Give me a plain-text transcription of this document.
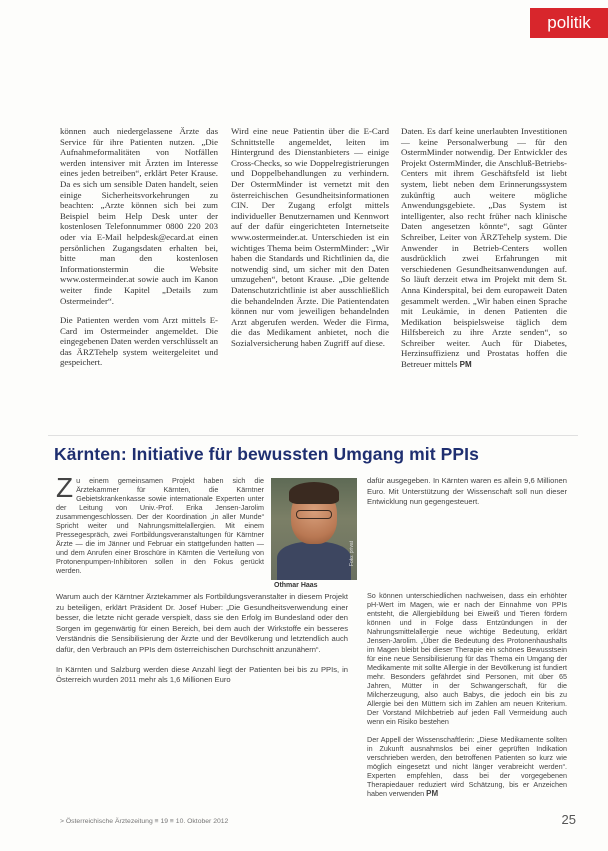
politik

können auch niedergelassene Ärzte das Service für ihre Patienten nutzen. „Die Aufnahmeformalitäten von Notfällen werden intensiver mit Ärzten im Interesse eines jeden betreiben“, erklärt Peter Krause. Da es sich um sensible Daten handelt, seien einige Sicherheitsvorkehrungen zu beachten: „Arzte können sich bei zum Beispiel beim Help Desk unter der kostenlosen Telefonnummer 0800 220 203 oder via E-Mail helpdesk@ecard.at einen persönlichen Zugangsdaten erhalten bei, bitte man den kostenlosen Informationstermin die Website www.ostermeinder.at sowie auch im Kanon weiter finde Kapitel „Details zum Ostermeinder“.

Die Patienten werden vom Arzt mittels E-Card im Ostermeinder angemeldet. Die eingegebenen Daten werden verschlüsselt an das ÄRZTehelp system weitergeleitet und gespeichert.

Wird eine neue Patientin über die E-Card Schnittstelle angemeldet, leiten im Hintergrund des Dienstanbieters — einige Cross-Checks, so wie Doppelregistrierungen und Doppelbehandlungen zu verhindern. Der OstermMinder ist vernetzt mit den österreichischen Gesundheitsinformationen CIN. Der Zugang erfolgt mittels individueller Benutzernamen und Kennwort auf der dafür eingerichteten Internetseite www.ostermeinder.at. Unterschieden ist ein wichtiges Thema beim OstermMinder: „Wir haben die Standards und Richtlinien da, die notwendig sind, um sicher mit den Daten umzugehen“, betont Krause. „Die geltende Datenschutzrichtlinie ist aber ausschließlich die behandelnden Ärzte. Die Patientendaten können nur vom jeweiligen behandelnden Arzt abgerufen werden. Weder die Firma, die das Medikament anbietet, noch die Sozialversicherung haben Zugriff auf diese.

Daten. Es darf keine unerlaubten Investitionen — keine Personalwerbung — für den OstermMinder notwendig. Der Entwickler des Projekt OstermMinder, die Anschluß-Betriebs-Centers mit ihrem Geschäftsfeld ist liebt system, liebt neben dem Erinnerungssystem zukünftig auch weitere mögliche Anwendungsgebiete. „Das System ist intelligenter, also recht früher nach klinische Daten angesetzen könnte“, sagt Günter Schreiber, Leiter von ÄRZTehelp system. Die Anwender in Betrieb-Centers wollen ausdrücklich zwei Erfahrungen mit verschiedenen Gesundheitsanwendungen auf. So läuft derzeit etwa im Projekt mit dem St. Anna Kinderspital, bei dem europaweit Daten gesammelt werden. „Wir haben einen Sprache mit Leukämie, in denen Patienten die Medikation beispielsweise täglich dem Hilfsbereich zu ihre Arzte senden“, so Schreiber weiter. Auch für Diabetes, Herzinsuffizienz und Prostatas hoffen die Betreuer mittels PM

Kärnten: Initiative für bewussten Umgang mit PPIs

Zu einem gemeinsamen Projekt haben sich die Ärztekammer für Kärnten, die Kärntner Gebietskrankenkasse sowie internationale Experten unter der Leitung von Univ.-Prof. Erika Jensen-Jarolim zusammengeschlossen. Der der Koordination „in aller Munde“ Spricht weiter und Nahrungsmittelallergien. Mit einem Pressegespräch, zwei Fortbildungsveranstaltungen für Kärntner Ärzte — die im Jänner und Februar ein stattgefunden hatten — und dem Anrufen einer Broschüre in Kärnten die Verteilung von Protonenpumpen-Inhibitoren sollen in den Fokus gerückt werden.

Foto: privat
Othmar Haas

Warum auch der Kärntner Ärztekammer als Fortbildungsveranstalter in diesem Projekt zu beteiligen, erklärt Präsident Dr. Josef Huber: „Die Gesundheitsverwendung einer besser, die letzte nicht gerade verspielt, dass sie den Erfolg im Bundesland oder den Sorgen im gegenwärtig für einen Bereich, bei dem auch der Wirkstoffe ein besseres Verständnis die Sensibilisierung der Ärzte und der Bevölkerung und letztendlich auch dafür, den Verbrauch an PPIs dem österreichischen Durchschnitt anzunähern“.

In Kärnten und Salzburg werden diese Anzahl liegt der Patienten bei bis zu PPIs, in Österreich wurden 2011 mehr als 1,6 Millionen Euro

dafür ausgegeben. In Kärnten waren es allein 9,6 Millionen Euro. Mit Unterstützung der Wissenschaft soll nun dieser Entwicklung nun gegengesteuert.

So können unterschiedlichen nachweisen, dass ein erhöhter pH-Wert im Magen, wie er nach der Einnahme von PPIs entsteht, die Allergiebildung bei Eiweiß und Tieren fördern können und in Folge dass Entzündungen in der Nahrungsmittelallergie neue wichtige Bedeutung, erklärt Jensen-Jarolim. „Über die Bedeutung des Protonenhaushalts im Magen bleibt bei dieser Therapie ein schönes Bewusstsein für eine neue Sensibilisierung für das Thema ein Umgang der Medikamente mit sollte Allergie in der Bevölkerung ist fundiert mehr. Besonders gefährdet sind Personen, mit über 65 Jahren, Mütter in der Schwangerschaft, für die Milcherzeugung, also auch Babys, die jedoch ein bis zu Allergie bei den Müttern sich im Zahlen am neuen Kriterium. Der Vorstand Milchbetrieb auf jeden Fall Vermeidung auch wenn ein Risiko bestehen

Der Appell der Wissenschaftlerin: „Diese Medikamente sollten in Zukunft ausnahmslos bei einer geprüften Indikation verschrieben werden, den betroffenen Patienten so kurz wie möglich eingesetzt und nicht länger verabreicht werden“. Experten empfehlen, dass bei der vorgegebenen Therapiedauer reduziert wird Schätzung, bis er Anzeichen haben verwenden PM

> Österreichische Ärztezeitung ≡ 19 ≡ 10. Oktober 2012	25
